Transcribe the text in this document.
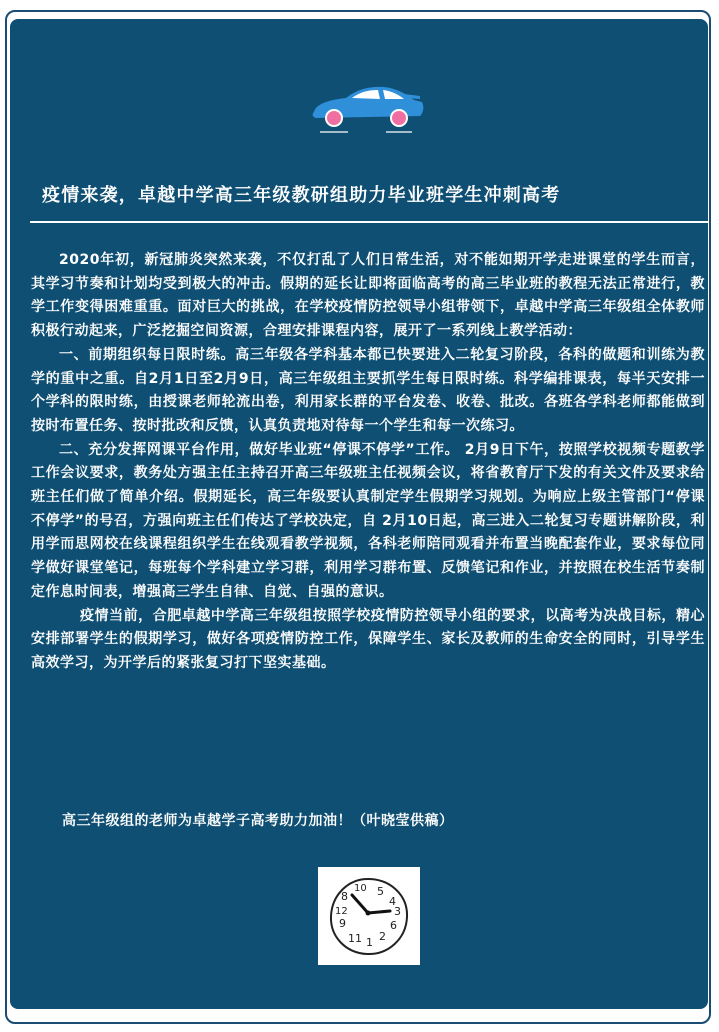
疫情来袭，卓越中学高三年级教研组助力毕业班学生冲刺高考

2020年初，新冠肺炎突然来袭，不仅打乱了人们日常生活，对不能如期开学走进课堂的学生而言，其学习节奏和计划均受到极大的冲击。假期的延长让即将面临高考的高三毕业班的教程无法正常进行，教学工作变得困难重重。面对巨大的挑战，在学校疫情防控领导小组带领下，卓越中学高三年级组全体教师积极行动起来，广泛挖掘空间资源，合理安排课程内容，展开了一系列线上教学活动：

一、前期组织每日限时练。高三年级各学科基本都已快要进入二轮复习阶段，各科的做题和训练为教学的重中之重。自2月1日至2月9日，高三年级组主要抓学生每日限时练。科学编排课表，每半天安排一个学科的限时练，由授课老师轮流出卷，利用家长群的平台发卷、收卷、批改。各班各学科老师都能做到按时布置任务、按时批改和反馈，认真负责地对待每一个学生和每一次练习。

二、充分发挥网课平台作用，做好毕业班“停课不停学”工作。 2月9日下午，按照学校视频专题教学工作会议要求，教务处方强主任主持召开高三年级班主任视频会议，将省教育厅下发的有关文件及要求给班主任们做了简单介绍。假期延长，高三年级要认真制定学生假期学习规划。为响应上级主管部门“停课不停学”的号召，方强向班主任们传达了学校决定，自 2月10日起，高三进入二轮复习专题讲解阶段，利用学而思网校在线课程组织学生在线观看教学视频，各科老师陪同观看并布置当晚配套作业，要求每位同学做好课堂笔记，每班每个学科建立学习群，利用学习群布置、反馈笔记和作业，并按照在校生活节奏制定作息时间表，增强高三学生自律、自觉、自强的意识。

疫情当前，合肥卓越中学高三年级组按照学校疫情防控领导小组的要求，以高考为决战目标，精心安排部署学生的假期学习，做好各项疫情防控工作，保障学生、家长及教师的生命安全的同时，引导学生高效学习，为开学后的紧张复习打下坚实基础。

高三年级组的老师为卓越学子高考助力加油！（叶晓莹供稿）
10 5
4
8
12	3
9	6
11 1 2
